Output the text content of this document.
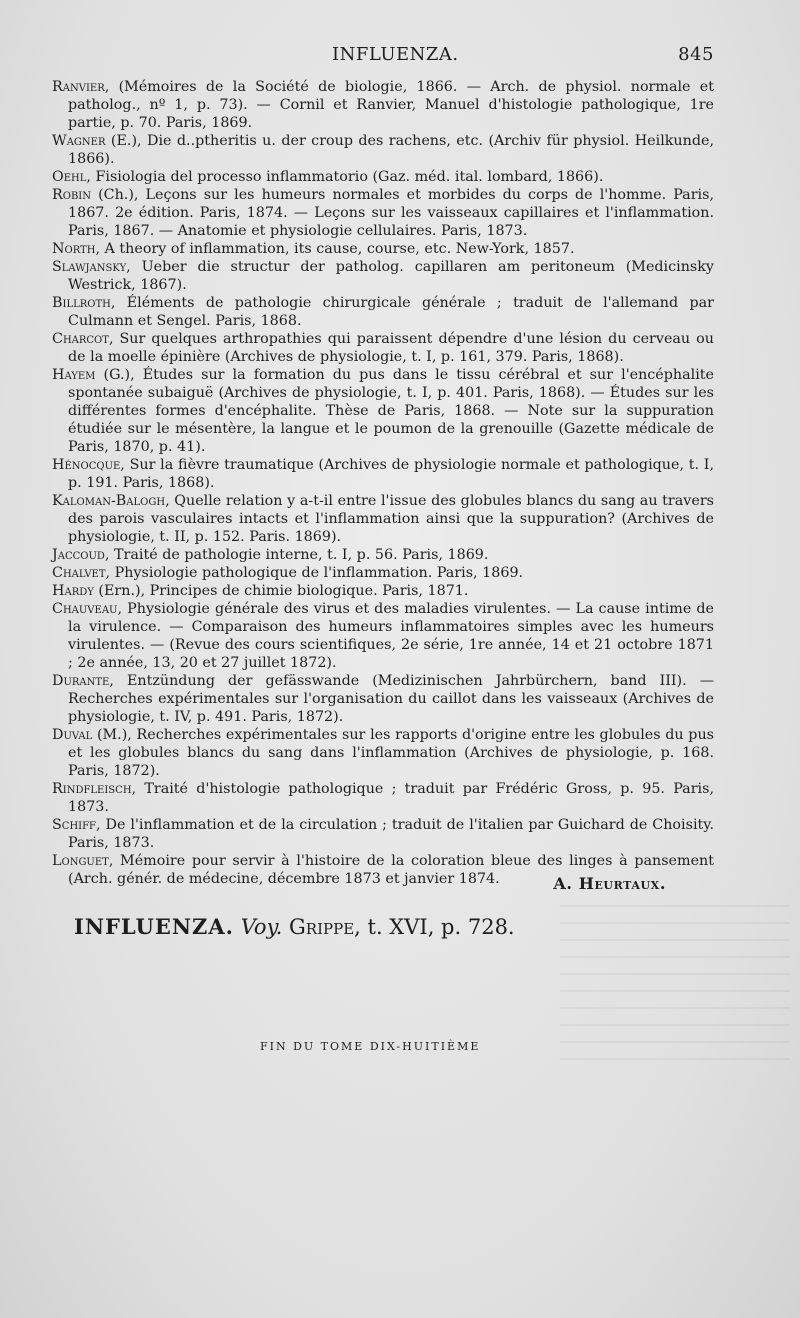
INFLUENZA.	845

Ranvier, (Mémoires de la Société de biologie, 1866. — Arch. de physiol. normale et patholog., nº 1, p. 73). — Cornil et Ranvier, Manuel d'histologie pathologique, 1re partie, p. 70. Paris, 1869.

Wagner (E.), Die d..ptheritis u. der croup des rachens, etc. (Archiv für physiol. Heilkunde, 1866).

Oehl, Fisiologia del processo inflammatorio (Gaz. méd. ital. lombard, 1866).

Robin (Ch.), Leçons sur les humeurs normales et morbides du corps de l'homme. Paris, 1867. 2e édition. Paris, 1874. — Leçons sur les vaisseaux capillaires et l'inflammation. Paris, 1867. — Anatomie et physiologie cellulaires. Paris, 1873.

North, A theory of inflammation, its cause, course, etc. New-York, 1857.

Slawjansky, Ueber die structur der patholog. capillaren am peritoneum (Medicinsky Westrick, 1867).

Billroth, Éléments de pathologie chirurgicale générale ; traduit de l'allemand par Culmann et Sengel. Paris, 1868.

Charcot, Sur quelques arthropathies qui paraissent dépendre d'une lésion du cerveau ou de la moelle épinière (Archives de physiologie, t. I, p. 161, 379. Paris, 1868).

Hayem (G.), Études sur la formation du pus dans le tissu cérébral et sur l'encéphalite spontanée subaiguë (Archives de physiologie, t. I, p. 401. Paris, 1868). — Études sur les différentes formes d'encéphalite. Thèse de Paris, 1868. — Note sur la suppuration étudiée sur le mésentère, la langue et le poumon de la grenouille (Gazette médicale de Paris, 1870, p. 41).

Hénocque, Sur la fièvre traumatique (Archives de physiologie normale et pathologique, t. I, p. 191. Paris, 1868).

Kaloman-Balogh, Quelle relation y a-t-il entre l'issue des globules blancs du sang au travers des parois vasculaires intacts et l'inflammation ainsi que la suppuration? (Archives de physiologie, t. II, p. 152. Paris. 1869).

Jaccoud, Traité de pathologie interne, t. I, p. 56. Paris, 1869.

Chalvet, Physiologie pathologique de l'inflammation. Paris, 1869.

Hardy (Ern.), Principes de chimie biologique. Paris, 1871.

Chauveau, Physiologie générale des virus et des maladies virulentes. — La cause intime de la virulence. — Comparaison des humeurs inflammatoires simples avec les humeurs virulentes. — (Revue des cours scientifiques, 2e série, 1re année, 14 et 21 octobre 1871 ; 2e année, 13, 20 et 27 juillet 1872).

Durante, Entzündung der gefässwande (Medizinischen Jahrbürchern, band III). — Recherches expérimentales sur l'organisation du caillot dans les vaisseaux (Archives de physiologie, t. IV, p. 491. Paris, 1872).

Duval (M.), Recherches expérimentales sur les rapports d'origine entre les globules du pus et les globules blancs du sang dans l'inflammation (Archives de physiologie, p. 168. Paris, 1872).

Rindfleisch, Traité d'histologie pathologique ; traduit par Frédéric Gross, p. 95. Paris, 1873.

Schiff, De l'inflammation et de la circulation ; traduit de l'italien par Guichard de Choisity. Paris, 1873.

Longuet, Mémoire pour servir à l'histoire de la coloration bleue des linges à pansement (Arch. génér. de médecine, décembre 1873 et janvier 1874.	A. Heurtaux.
INFLUENZA. Voy. Grippe, t. XVI, p. 728.
FIN DU TOME DIX-HUITIÈME
